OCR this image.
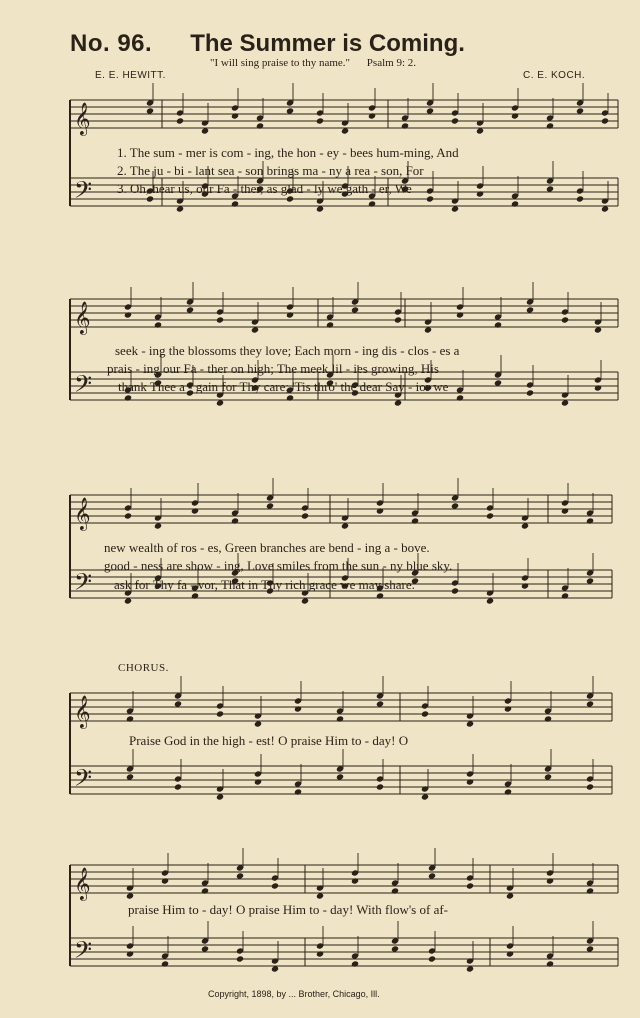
No. 96. The Summer is Coming.
"I will sing praise to thy name." Psalm 9: 2.
E. E. HEWITT.	C. E. KOCH.
𝄞
𝄢
𝄞
𝄢
𝄞
𝄢
𝄞
𝄢
𝄞
𝄢
1. The sum - mer is com - ing, the hon - ey - bees hum-ming, And
2. The ju - bi - lant sea - son brings ma - ny a rea - son, For
3. Oh, hear us, our Fa - ther, as glad - ly we gath - er, We
seek - ing the blossoms they love; Each morn - ing dis - clos - es a
prais - ing our Fa - ther on high; The meek lil - ies growing, His
thank Thee a - gain for Thy care; 'Tis thro' the dear Sav - ior we
new wealth of ros - es, Green branches are bend - ing a - bove.
good - ness are show - ing, Love smiles from the sun - ny blue sky.
ask for Thy fa - vor, That in Thy rich grace we may share.
CHORUS.
Praise God in the high - est! O praise Him to - day! O
praise Him to - day! O praise Him to - day! With flow's of af-
Copyright, 1898, by ... Brother, Chicago, Ill.
